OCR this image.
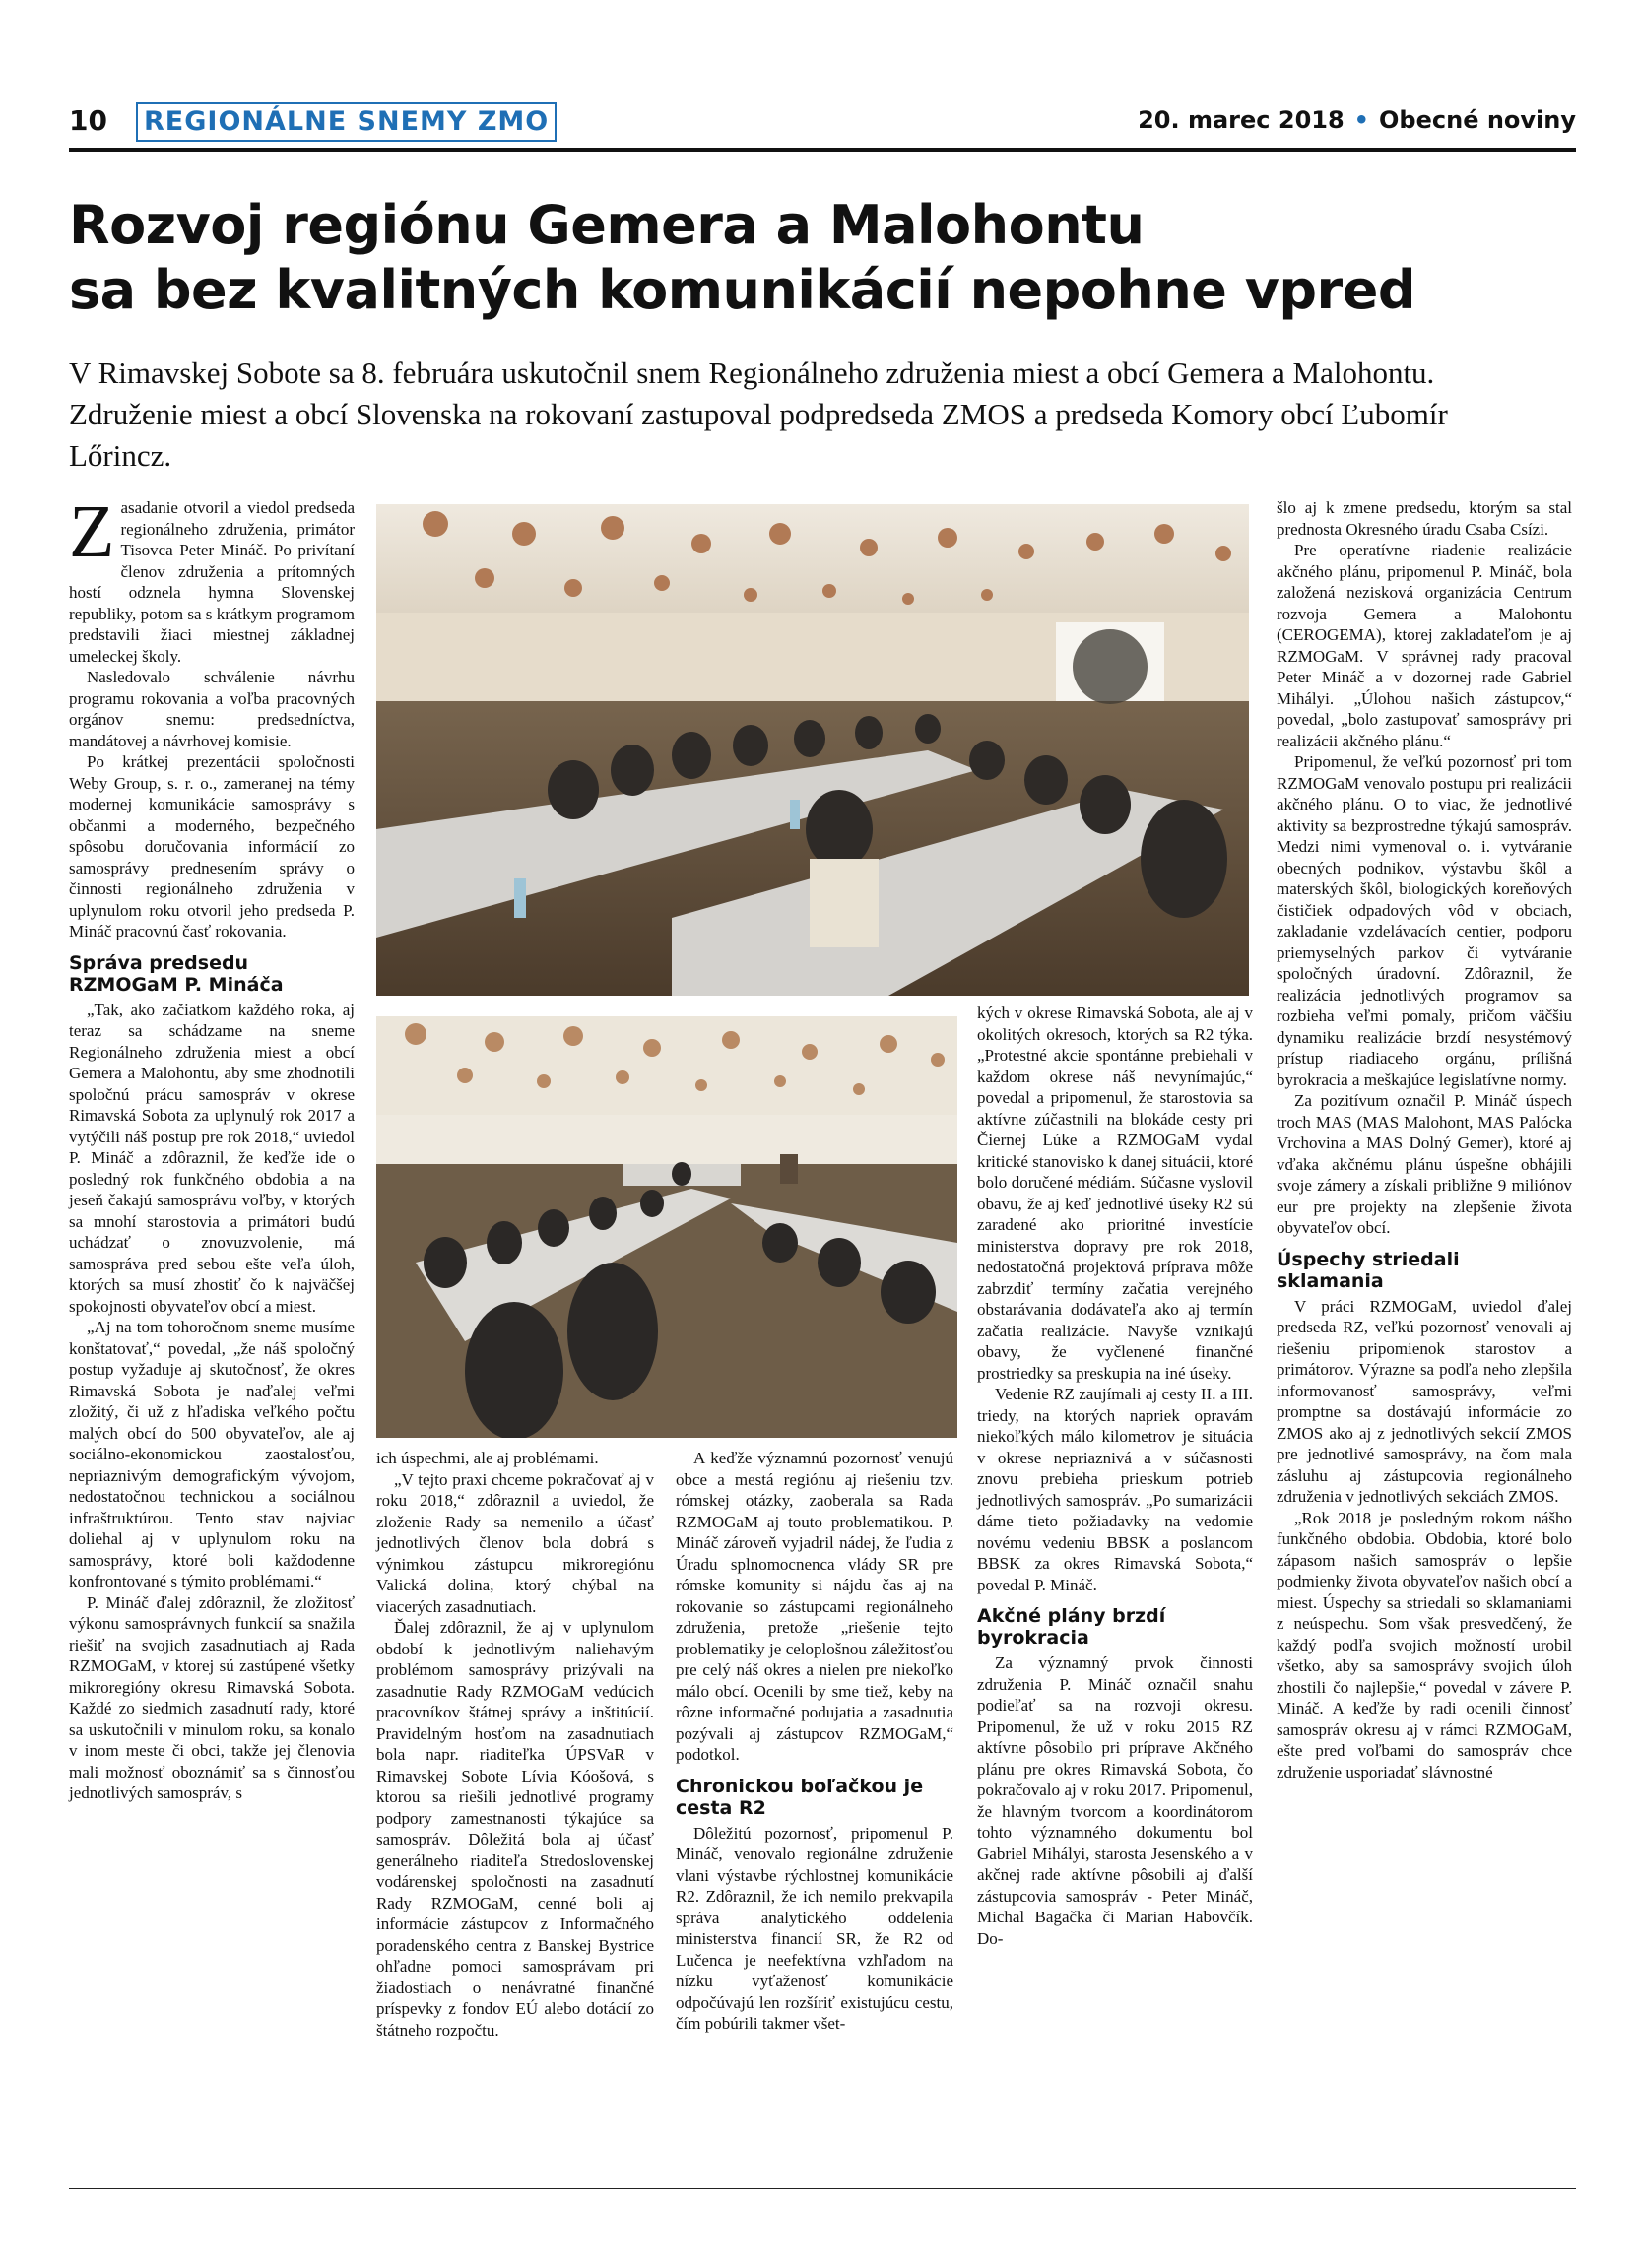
10 REGIONÁLNE SNEMY ZMO	20. marec 2018 • Obecné noviny
Rozvoj regiónu Gemera a Malohontu
sa bez kvalitných komunikácií nepohne vpred

V Rimavskej Sobote sa 8. februára uskutočnil snem Regionálneho združenia miest a obcí Gemera a Malohontu. Združenie miest a obcí Slovenska na rokovaní zastupoval podpredseda ZMOS a predseda Komory obcí Ľubomír Lőrincz.

Zasadanie otvoril a viedol predseda regionálneho združenia, primátor Tisovca Peter Mináč. Po privítaní členov združenia a prítomných hostí odznela hymna Slovenskej republiky, potom sa s krátkym programom predstavili žiaci miestnej základnej umeleckej školy.

Nasledovalo schválenie návrhu programu rokovania a voľba pracovných orgánov snemu: predsedníctva, mandátovej a návrhovej komisie.

Po krátkej prezentácii spoločnosti Weby Group, s. r. o., zameranej na témy modernej komunikácie samosprávy s občanmi a moderného, bezpečného spôsobu doručovania informácií zo samosprávy prednesením správy o činnosti regionálneho združenia v uplynulom roku otvoril jeho predseda P. Mináč pracovnú časť rokovania.

Správa predsedu RZMOGaM P. Mináča

„Tak, ako začiatkom každého roka, aj teraz sa schádzame na sneme Regionálneho združenia miest a obcí Gemera a Malohontu, aby sme zhodnotili spoločnú prácu samospráv v okrese Rimavská Sobota za uplynulý rok 2017 a vytýčili náš postup pre rok 2018,“ uviedol P. Mináč a zdôraznil, že keďže ide o posledný rok funkčného obdobia a na jeseň čakajú samosprávu voľby, v ktorých sa mnohí starostovia a primátori budú uchádzať o znovuzvolenie, má samospráva pred sebou ešte veľa úloh, ktorých sa musí zhostiť čo k najväčšej spokojnosti obyvateľov obcí a miest.

„Aj na tom tohoročnom sneme musíme konštatovať,“ povedal, „že náš spoločný postup vyžaduje aj skutočnosť, že okres Rimavská Sobota je naďalej veľmi zložitý, či už z hľadiska veľkého počtu malých obcí do 500 obyvateľov, ale aj sociálno-ekonomickou zaostalosťou, nepriaznivým demografickým vývojom, nedostatočnou technickou a sociálnou infraštruktúrou. Tento stav najviac doliehal aj v uplynulom roku na samosprávy, ktoré boli každodenne konfrontované s týmito problémami.“

P. Mináč ďalej zdôraznil, že zložitosť výkonu samosprávnych funkcií sa snažila riešiť na svojich zasadnutiach aj Rada RZMOGaM, v ktorej sú zastúpené všetky mikroregióny okresu Rimavská Sobota. Každé zo siedmich zasadnutí rady, ktoré sa uskutočnili v minulom roku, sa konalo v inom meste či obci, takže jej členovia mali možnosť oboznámiť sa s činnosťou jednotlivých samospráv, s

ich úspechmi, ale aj problémami.

„V tejto praxi chceme pokračovať aj v roku 2018,“ zdôraznil a uviedol, že zloženie Rady sa nemenilo a účasť jednotlivých členov bola dobrá s výnimkou zástupcu mikroregiónu Valická dolina, ktorý chýbal na viacerých zasadnutiach.

Ďalej zdôraznil, že aj v uplynulom období k jednotlivým naliehavým problémom samosprávy prizývali na zasadnutie Rady RZMOGaM vedúcich pracovníkov štátnej správy a inštitúcií. Pravidelným hosťom na zasadnutiach bola napr. riaditeľka ÚPSVaR v Rimavskej Sobote Lívia Kóošová, s ktorou sa riešili jednotlivé programy podpory zamestnanosti týkajúce sa samospráv. Dôležitá bola aj účasť generálneho riaditeľa Stredoslovenskej vodárenskej spoločnosti na zasadnutí Rady RZMOGaM, cenné boli aj informácie zástupcov z Informačného poradenského centra z Banskej Bystrice ohľadne pomoci samosprávam pri žiadostiach o nenávratné finančné príspevky z fondov EÚ alebo dotácií zo štátneho rozpočtu.

A keďže významnú pozornosť venujú obce a mestá regiónu aj riešeniu tzv. rómskej otázky, zaoberala sa Rada RZMOGaM aj touto problematikou. P. Mináč zároveň vyjadril nádej, že ľudia z Úradu splnomocnenca vlády SR pre rómske komunity si nájdu čas aj na rokovanie so zástupcami regionálneho združenia, pretože „riešenie tejto problematiky je celoplošnou záležitosťou pre celý náš okres a nielen pre niekoľko málo obcí. Ocenili by sme tiež, keby na rôzne informačné podujatia a zasadnutia pozývali aj zástupcov RZMOGaM,“ podotkol.

Chronickou boľačkou je cesta R2

Dôležitú pozornosť, pripomenul P. Mináč, venovalo regionálne združenie vlani výstavbe rýchlostnej komunikácie R2. Zdôraznil, že ich nemilo prekvapila správa analytického oddelenia ministerstva financií SR, že R2 od Lučenca je neefektívna vzhľadom na nízku vyťaženosť komunikácie odpočúvajú len rozšíriť existujúcu cestu, čím pobúrili takmer všet-

kých v okrese Rimavská Sobota, ale aj v okolitých okresoch, ktorých sa R2 týka. „Protestné akcie spontánne prebiehali v každom okrese náš nevynímajúc,“ povedal a pripomenul, že starostovia sa aktívne zúčastnili na blokáde cesty pri Čiernej Lúke a RZMOGaM vydal kritické stanovisko k danej situácii, ktoré bolo doručené médiám. Súčasne vyslovil obavu, že aj keď jednotlivé úseky R2 sú zaradené ako prioritné investície ministerstva dopravy pre rok 2018, nedostatočná projektová príprava môže zabrzdiť termíny začatia verejného obstarávania dodávateľa ako aj termín začatia realizácie. Navyše vznikajú obavy, že vyčlenené finančné prostriedky sa preskupia na iné úseky.

Vedenie RZ zaujímali aj cesty II. a III. triedy, na ktorých napriek opravám niekoľkých málo kilometrov je situácia v okrese nepriaznivá a v súčasnosti znovu prebieha prieskum potrieb jednotlivých samospráv. „Po sumarizácii dáme tieto požiadavky na vedomie novému vedeniu BBSK a poslancom BBSK za okres Rimavská Sobota,“ povedal P. Mináč.

Akčné plány brzdí byrokracia

Za významný prvok činnosti združenia P. Mináč označil snahu podieľať sa na rozvoji okresu. Pripomenul, že už v roku 2015 RZ aktívne pôsobilo pri príprave Akčného plánu pre okres Rimavská Sobota, čo pokračovalo aj v roku 2017. Pripomenul, že hlavným tvorcom a koordinátorom tohto významného dokumentu bol Gabriel Mihályi, starosta Jesenského a v akčnej rade aktívne pôsobili aj ďalší zástupcovia samospráv - Peter Mináč, Michal Bagačka či Marian Habovčík. Do-

šlo aj k zmene predsedu, ktorým sa stal prednosta Okresného úradu Csaba Csízi.

Pre operatívne riadenie realizácie akčného plánu, pripomenul P. Mináč, bola založená nezisková organizácia Centrum rozvoja Gemera a Malohontu (CEROGEMA), ktorej zakladateľom je aj RZMOGaM. V správnej rady pracoval Peter Mináč a v dozornej rade Gabriel Mihályi. „Úlohou našich zástupcov,“ povedal, „bolo zastupovať samosprávy pri realizácii akčného plánu.“

Pripomenul, že veľkú pozornosť pri tom RZMOGaM venovalo postupu pri realizácii akčného plánu. O to viac, že jednotlivé aktivity sa bezprostredne týkajú samospráv. Medzi nimi vymenoval o. i. vytváranie obecných podnikov, výstavbu škôl a materských škôl, biologických koreňových čističiek odpadových vôd v obciach, zakladanie vzdelávacích centier, podporu priemyselných parkov či vytváranie spoločných úradovní. Zdôraznil, že realizácia jednotlivých programov sa rozbieha veľmi pomaly, pričom väčšiu dynamiku realizácie brzdí nesystémový prístup riadiaceho orgánu, prílišná byrokracia a meškajúce legislatívne normy.

Za pozitívum označil P. Mináč úspech troch MAS (MAS Malohont, MAS Palócka Vrchovina a MAS Dolný Gemer), ktoré aj vďaka akčnému plánu úspešne obhájili svoje zámery a získali približne 9 miliónov eur pre projekty na zlepšenie života obyvateľov obcí.

Úspechy striedali sklamania

V práci RZMOGaM, uviedol ďalej predseda RZ, veľkú pozornosť venovali aj riešeniu pripomienok starostov a primátorov. Výrazne sa podľa neho zlepšila informovanosť samosprávy, veľmi promptne sa dostávajú informácie zo ZMOS ako aj z jednotlivých sekcií ZMOS pre jednotlivé samosprávy, na čom mala zásluhu aj zástupcovia regionálneho združenia v jednotlivých sekciách ZMOS.

„Rok 2018 je posledným rokom nášho funkčného obdobia. Obdobia, ktoré bolo zápasom našich samospráv o lepšie podmienky života obyvateľov našich obcí a miest. Úspechy sa striedali so sklamaniami z neúspechu. Som však presvedčený, že každý podľa svojich možností urobil všetko, aby sa samosprávy svojich úloh zhostili čo najlepšie,“ povedal v závere P. Mináč. A keďže by radi ocenili činnosť samospráv okresu aj v rámci RZMOGaM, ešte pred voľbami do samospráv chce združenie usporiadať slávnostné
